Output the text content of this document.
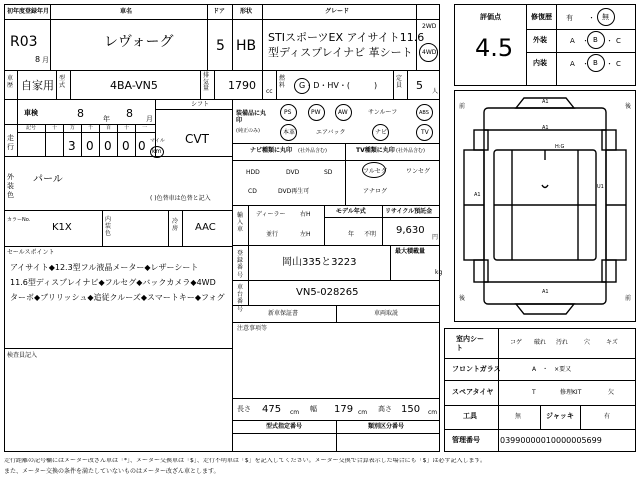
初年度登録年月	車名	ドア	形状	グレード
R03
8 月
レヴォーグ	5 HB
STIスポーツEX アイサイト11.6
型ディスプレイナビ 革シート
2WD
4WD
車歴 自家用
型式	4BA-VN5
排気量 1790 cc
燃料 G・D・HV・(　　　)
定員 5 人
車検	8	年 8 月
シフト
CVT
走行
記号	十	万	千	百	十	一
3 0 0 0 0 マイル
km
外装色
パール
( )色替車は色替と記入
カラーNo.
K1X
内装色
冷房 AAC
セールスポイント
アイサイト◆12.3型フル液晶メーター◆レザーシート
11.6型ディスプレイナビ◆フルセグ◆バックカメラ◆4WD
ターボ◆ブリリッシュ◆追従クルーズ◆スマートキー◆フォグ
検査員記入
装備品に丸印
(純正のみ)
PS	PW	AW	サンルーフ	ABS
本革	エアバック	ナビ	TV
ナビ種類に丸印 (社外品含む)
HDD	DVD	SD
CD	DVD再生可
TV種類に丸印 (社外品含む)
フルセグ	ワンセグ
アナログ
輸入車
ディーラー 右H
並行	左H
モデル年式
年 不明
リサイクル預託金
9,630
円
登録番号
岡山335と3223
最大積載量
kg
車台番号
VN5-028265
新車保証書	車両取説
注意事項等
長さ 475 cm 幅 179 cm 高さ 150 cm
型式指定番号	類別区分番号
評価点
4.5
修復歴 有 ・ 無
外装	A ・ B ・ C
内装	A ・ B ・ C
A1
A1
A1
U1
A1
H:G
前
後
後
前
室内シート
コゲ 破れ 汚れ	穴	キズ
フロントガラス	A　・　×要又
スペアタイヤ	T	修理KIT	欠
工具	無	ジャッキ	有
管理番号	03990000010000005699
走行距離の記号欄にはメーター改ざん車は「*」、メーター交換車は「$」、走行不明車は「$」を記入してください。メーター交換で合算表示した場合にも「$」は必ず記入します。
また、メーター交換の条件を満たしていないものはメーター改ざん車とします。
